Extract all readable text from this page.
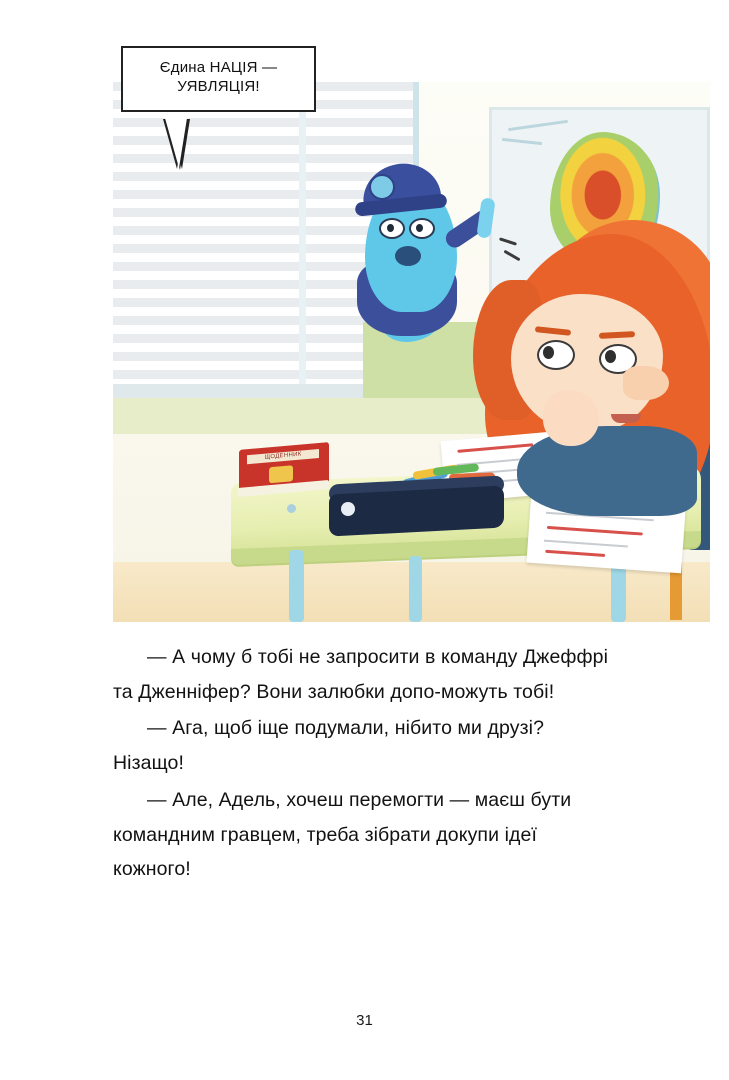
ЩОДЕННИК
Єдина НАЦІЯ — УЯВЛЯЦІЯ!

— А чому б тобі не запросити в команду Джеффрі та Дженніфер? Вони залюбки допо-можуть тобі!

— Ага, щоб іще подумали, нібито ми друзі? Нізащо!

— Але, Адель, хочеш перемогти — маєш бути командним гравцем, треба зібрати докупи ідеї кожного!

31
